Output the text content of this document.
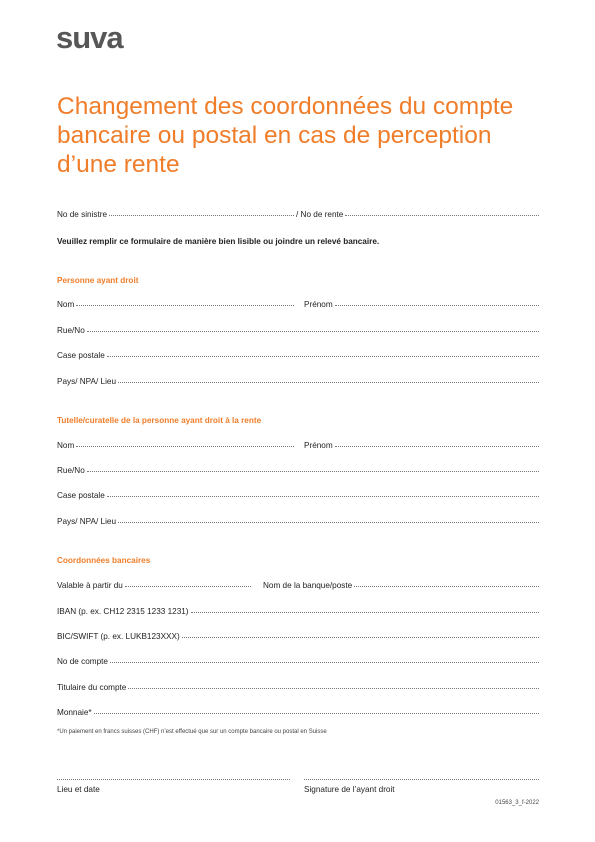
suva
Changement des coordonnées du compte bancaire ou postal en cas de perception d’une rente
No de sinistre	/ No de rente
Veuillez remplir ce formulaire de manière bien lisible ou joindre un relevé bancaire.
Personne ayant droit
Nom	Prénom
Rue/No
Case postale
Pays/ NPA/ Lieu
Tutelle/curatelle de la personne ayant droit à la rente
Nom	Prénom
Rue/No
Case postale
Pays/ NPA/ Lieu
Coordonnées bancaires
Valable à partir du	Nom de la banque/poste
IBAN (p. ex. CH12 2315 1233 1231)
BIC/SWIFT (p. ex. LUKB123XXX)
No de compte
Titulaire du compte
Monnaie*
*Un paiement en francs suisses (CHF) n’est effectué que sur un compte bancaire ou postal en Suisse
Lieu et date	Signature de l’ayant droit
01563_3_f-2022
